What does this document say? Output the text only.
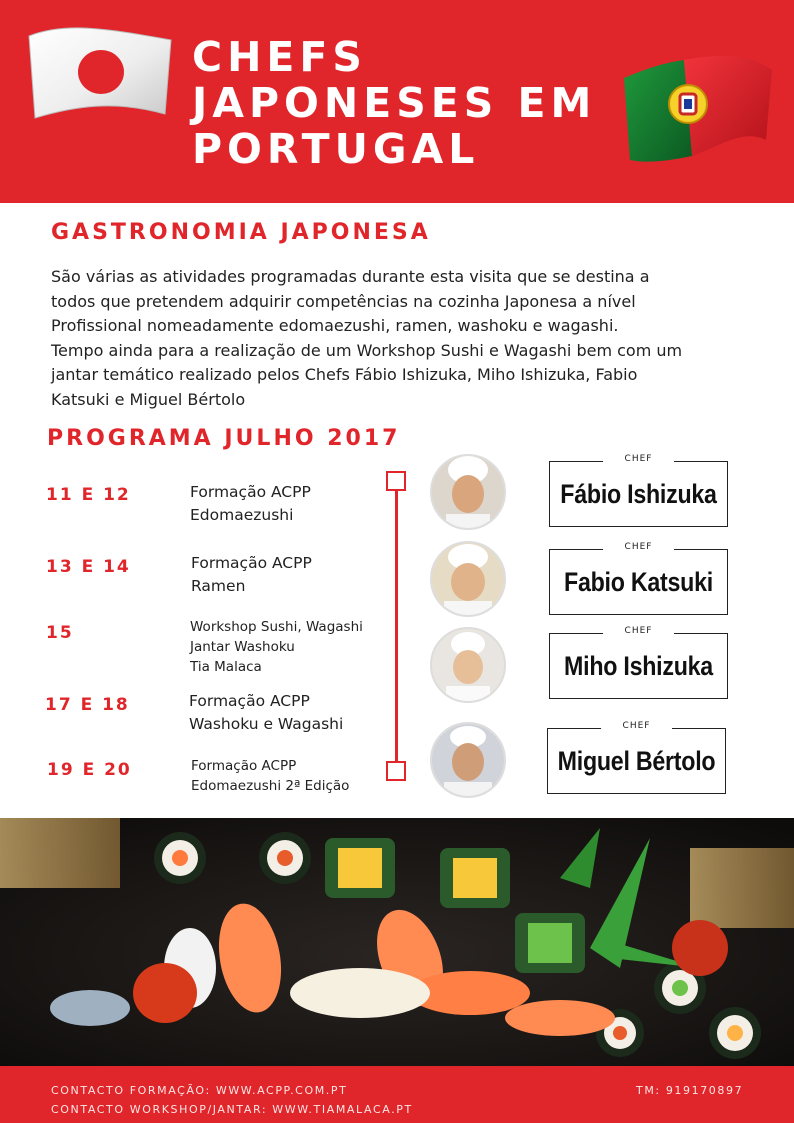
CHEFS
JAPONESES EM
PORTUGAL
GASTRONOMIA JAPONESA
São várias as atividades programadas durante esta visita que se destina a
todos que pretendem adquirir competências na cozinha Japonesa a nível
Profissional nomeadamente edomaezushi, ramen, washoku e wagashi.
Tempo ainda para a realização de um Workshop Sushi e Wagashi bem com um
jantar temático realizado pelos Chefs Fábio Ishizuka, Miho Ishizuka, Fabio
Katsuki e Miguel Bértolo
PROGRAMA JULHO 2017
11 E 12	Formação ACPP
Edomaezushi
13 E 14	Formação ACPP
Ramen
15	Workshop Sushi, Wagashi
Jantar Washoku
Tia Malaca
17 E 18	Formação ACPP
Washoku e Wagashi
19 E 20	Formação ACPP
Edomaezushi 2ª Edição
CHEF
Fábio Ishizuka
CHEF
Fabio Katsuki
CHEF
Miho Ishizuka
CHEF
Miguel Bértolo
CONTACTO FORMAÇÃO: WWW.ACPP.COM.PT
CONTACTO WORKSHOP/JANTAR: WWW.TIAMALACA.PT
TM: 919170897
